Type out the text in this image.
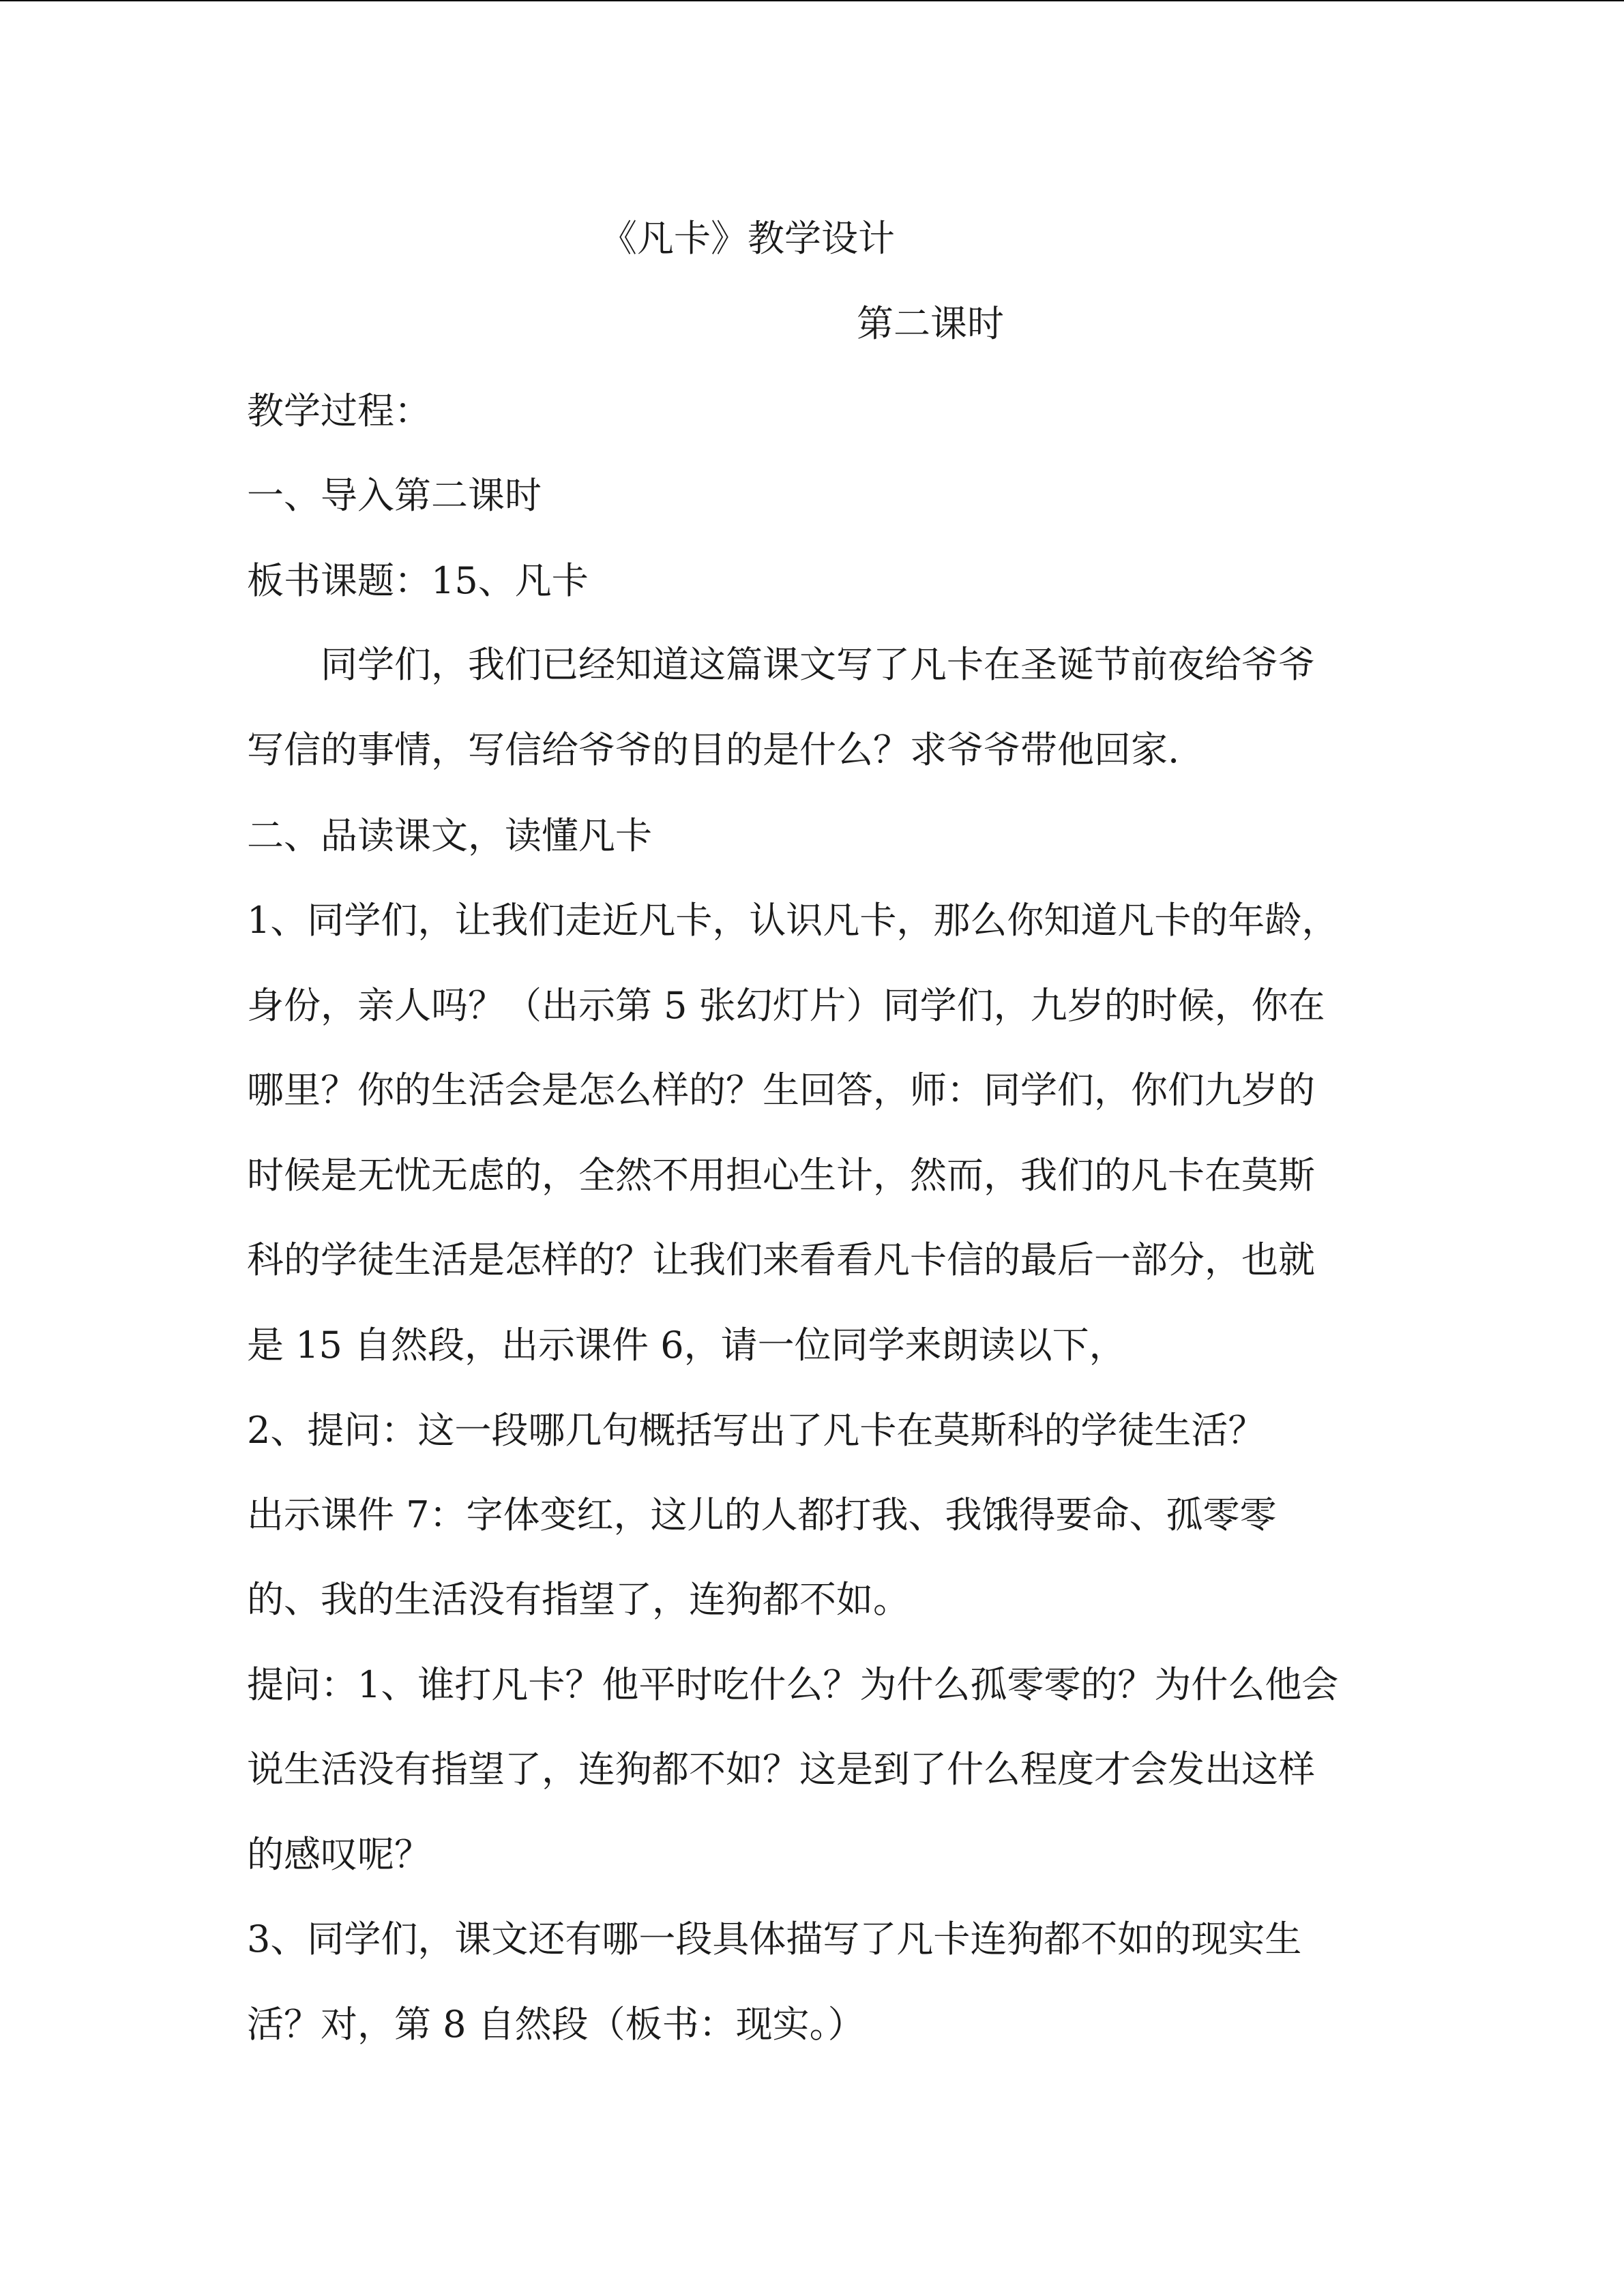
《凡卡》教学设计

第二课时

教学过程：

一、导入第二课时

板书课题：15、凡卡

同学们，我们已经知道这篇课文写了凡卡在圣诞节前夜给爷爷

写信的事情，写信给爷爷的目的是什么？求爷爷带他回家.

二、品读课文，读懂凡卡

1、同学们，让我们走近凡卡，认识凡卡，那么你知道凡卡的年龄，

身份，亲人吗？（出示第 5 张幻灯片）同学们，九岁的时候，你在

哪里？你的生活会是怎么样的？生回答，师：同学们，你们九岁的

时候是无忧无虑的，全然不用担心生计，然而，我们的凡卡在莫斯

科的学徒生活是怎样的？让我们来看看凡卡信的最后一部分，也就

是 15 自然段，出示课件 6，请一位同学来朗读以下，

2、提问：这一段哪几句概括写出了凡卡在莫斯科的学徒生活？

出示课件 7：字体变红，这儿的人都打我、我饿得要命、孤零零

的、我的生活没有指望了，连狗都不如。

提问：1、谁打凡卡？他平时吃什么？为什么孤零零的？为什么他会

说生活没有指望了，连狗都不如？这是到了什么程度才会发出这样

的感叹呢？

3、同学们，课文还有哪一段具体描写了凡卡连狗都不如的现实生

活？对，第 8 自然段（板书：现实。）
